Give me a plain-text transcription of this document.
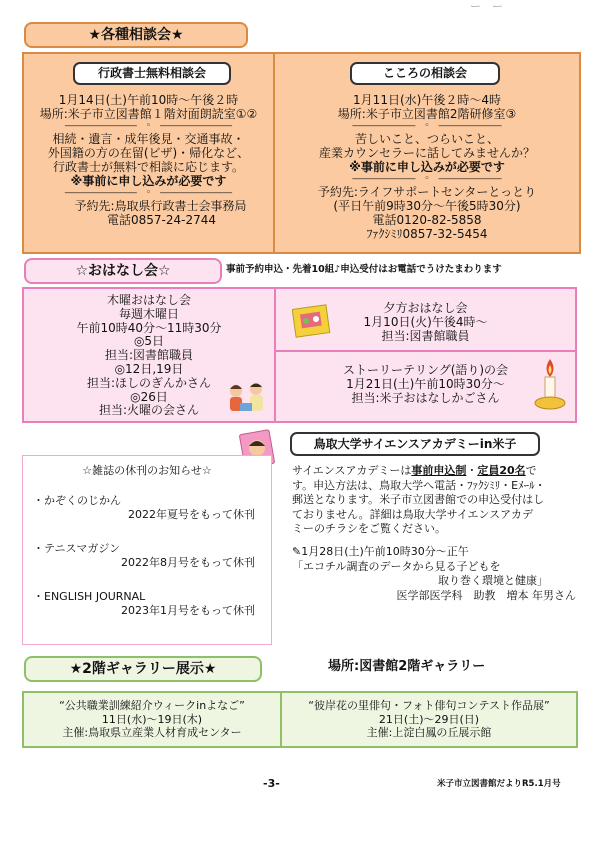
ー　ー
★各種相談会★
行政書士無料相談会
1月14日(土)午前10時～午後２時
場所:米子市立図書館１階対面朗読室①②
――――――――　◦　――――――――
相続・遺言・成年後見・交通事故・
外国籍の方の在留(ビザ)・帰化など、
行政書士が無料で相談に応じます。
※事前に申し込みが必要です
――――――――　◦　――――――――
予約先:鳥取県行政書士会事務局
電話0857-24-2744
こころの相談会
1月11日(水)午後２時～4時
場所:米子市立図書館2階研修室③
―――――――　◦　―――――――
苦しいこと、つらいこと、
産業カウンセラーに話してみませんか？
※事前に申し込みが必要です
―――――――　◦　―――――――
予約先:ライフサポートセンターとっとり
(平日午前9時30分～午後5時30分)
電話0120-82-5858
ﾌｧｸｼﾐﾘ0857-32-5454
☆おはなし会☆	事前予約申込・先着10組♪申込受付はお電話でうけたまわります
木曜おはなし会
毎週木曜日
午前10時40分～11時30分
◎5日
担当:図書館職員
◎12日,19日
担当:ほしのぎんかさん
◎26日
担当:火曜の会さん
夕方おはなし会
1月10日(火)午後4時～
担当:図書館職員
ストーリーテリング(語り)の会
1月21日(土)午前10時30分～
担当:米子おはなしかごさん
☆雑誌の休刊のお知らせ☆
・かぞくのじかん
2022年夏号をもって休刊
・テニスマガジン
2022年8月号をもって休刊
・ENGLISH JOURNAL
2023年1月号をもって休刊
鳥取大学サイエンスアカデミーin米子
サイエンスアカデミーは事前申込制・定員20名で
す。申込方法は、鳥取大学へ電話・ﾌｧｸｼﾐﾘ・Eﾒｰﾙ・
郵送となります。米子市立図書館での申込受付はし
ておりません。詳細は鳥取大学サイエンスアカデ
ミーのチラシをご覧ください。
✎1月28日(土)午前10時30分～正午
「エコチル調査のデータから見る子どもを
取り巻く環境と健康」
医学部医学科　助教　増本 年男さん
★2階ギャラリー展示★	場所:図書館2階ギャラリー
“公共職業訓練紹介ウィークinよなご”
11日(水)～19日(木)
主催:鳥取県立産業人材育成センター
“彼岸花の里俳句・フォト俳句コンテスト作品展”
21日(土)～29日(日)
主催:上淀白鳳の丘展示館
-3-	米子市立図書館だよりR5.1月号
